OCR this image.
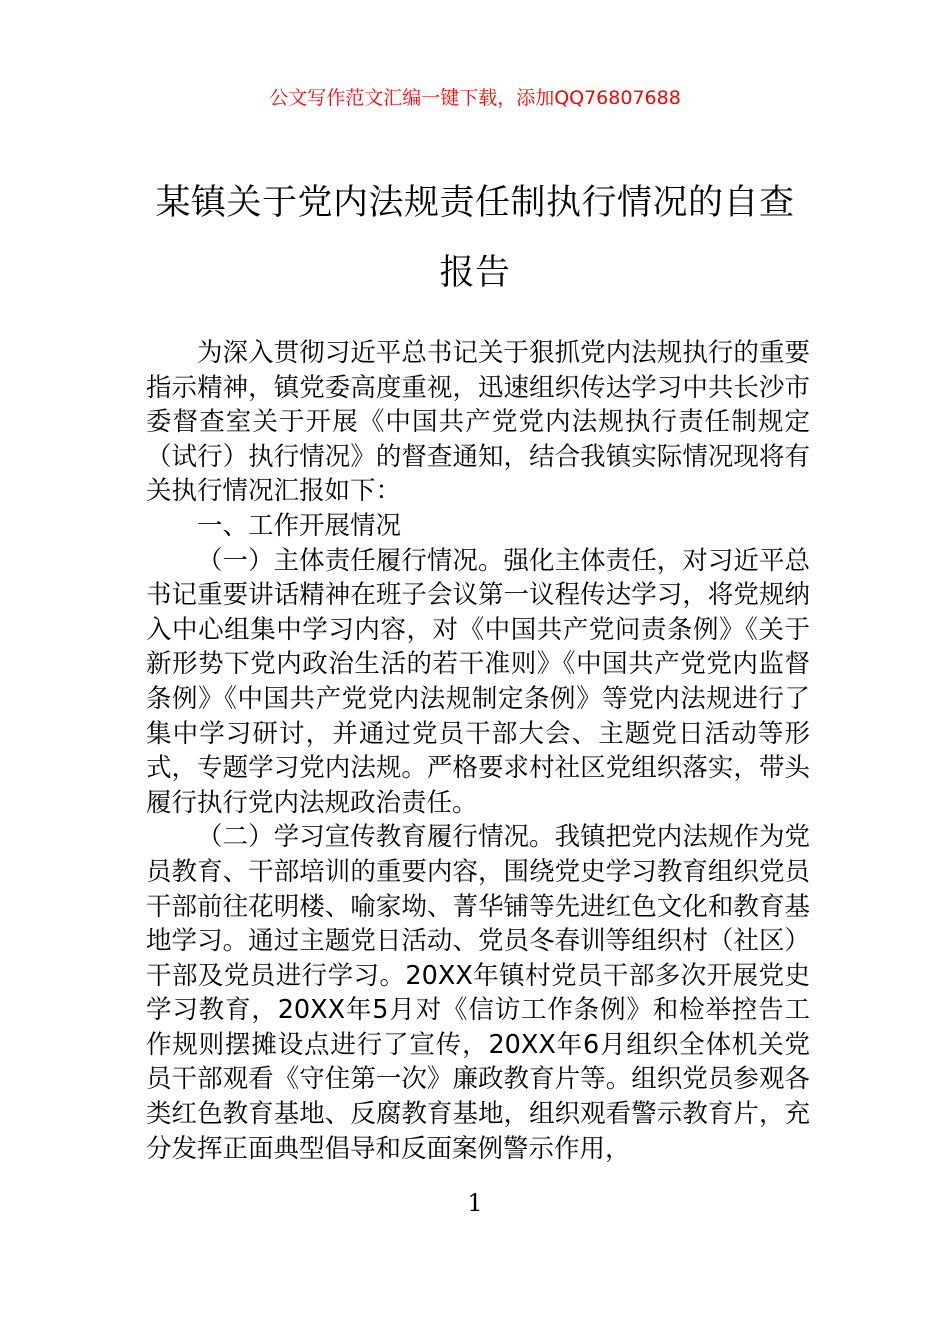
公文写作范文汇编一键下载，添加QQ76807688
某镇关于党内法规责任制执行情况的自查报告

为深入贯彻习近平总书记关于狠抓党内法规执行的重要指示精神，镇党委高度重视，迅速组织传达学习中共长沙市委督查室关于开展《中国共产党党内法规执行责任制规定（试行）执行情况》的督查通知，结合我镇实际情况现将有关执行情况汇报如下：

一、工作开展情况

（一）主体责任履行情况。强化主体责任，对习近平总书记重要讲话精神在班子会议第一议程传达学习，将党规纳入中心组集中学习内容，对《中国共产党问责条例》《关于新形势下党内政治生活的若干准则》《中国共产党党内监督条例》《中国共产党党内法规制定条例》等党内法规进行了集中学习研讨，并通过党员干部大会、主题党日活动等形式，专题学习党内法规。严格要求村社区党组织落实，带头履行执行党内法规政治责任。

（二）学习宣传教育履行情况。我镇把党内法规作为党员教育、干部培训的重要内容，围绕党史学习教育组织党员干部前往花明楼、喻家坳、菁华铺等先进红色文化和教育基地学习。通过主题党日活动、党员冬春训等组织村（社区）干部及党员进行学习。20XX年镇村党员干部多次开展党史学习教育，20XX年5月对《信访工作条例》和检举控告工作规则摆摊设点进行了宣传，20XX年6月组织全体机关党员干部观看《守住第一次》廉政教育片等。组织党员参观各类红色教育基地、反腐教育基地，组织观看警示教育片，充分发挥正面典型倡导和反面案例警示作用，

1
